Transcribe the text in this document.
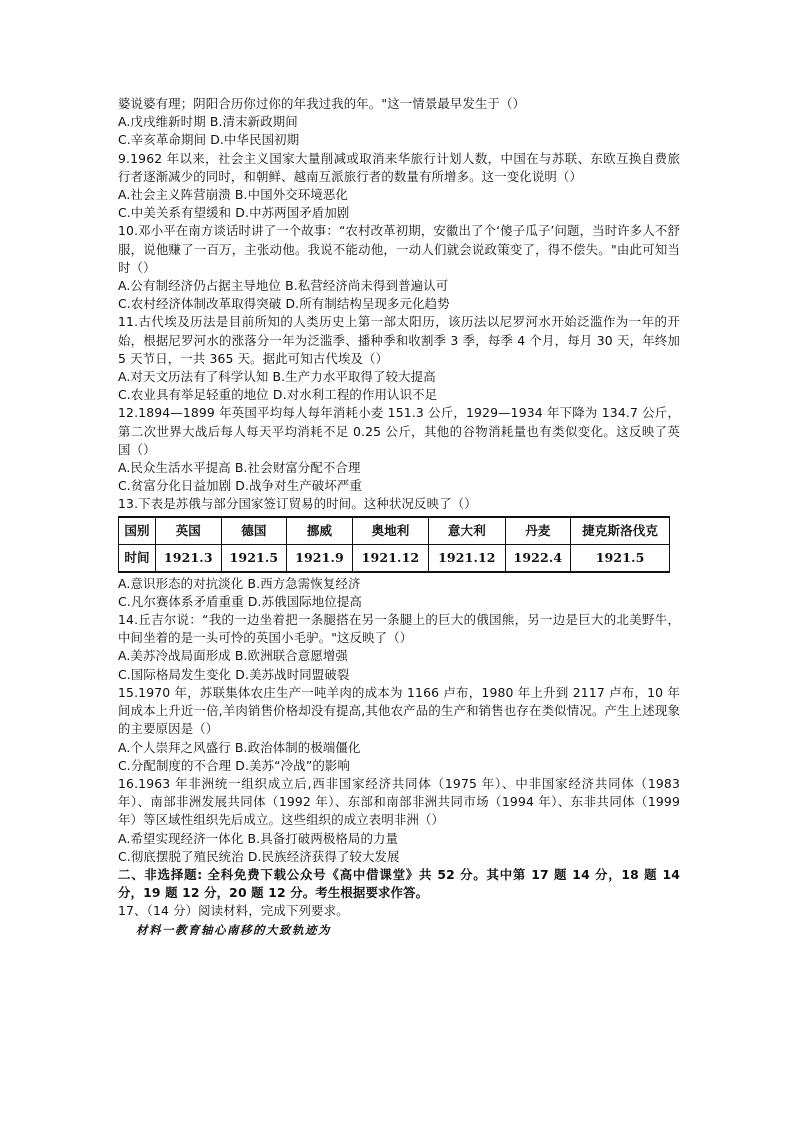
婆说婆有理；阴阳合历你过你的年我过我的年。"这一情景最早发生于（）
A.戊戌维新时期 B.清末新政期间
C.辛亥革命期间 D.中华民国初期
9.1962 年以来，社会主义国家大量削减或取消来华旅行计划人数，中国在与苏联、东欧互换自费旅行者逐渐减少的同时，和朝鲜、越南互派旅行者的数量有所增多。这一变化说明（）
A.社会主义阵营崩溃 B.中国外交环境恶化
C.中美关系有望缓和 D.中苏两国矛盾加剧
10.邓小平在南方谈话时讲了一个故事：“农村改革初期，安徽出了个‘傻子瓜子’问题，当时许多人不舒服，说他赚了一百万，主张动他。我说不能动他，一动人们就会说政策变了，得不偿失。"由此可知当时（）
A.公有制经济仍占据主导地位 B.私营经济尚未得到普遍认可
C.农村经济体制改革取得突破 D.所有制结构呈现多元化趋势
11.古代埃及历法是目前所知的人类历史上第一部太阳历，该历法以尼罗河水开始泛滥作为一年的开始，根据尼罗河水的涨落分一年为泛滥季、播种季和收割季 3 季，每季 4 个月，每月 30 天，年终加 5 天节日，一共 365 天。据此可知古代埃及（）
A.对天文历法有了科学认知 B.生产力水平取得了较大提高
C.农业具有举足轻重的地位 D.对水利工程的作用认识不足
12.1894—1899 年英国平均每人每年消耗小麦 151.3 公斤，1929—1934 年下降为 134.7 公斤，第二次世界大战后每人每天平均消耗不足 0.25 公斤，其他的谷物消耗量也有类似变化。这反映了英国（）
A.民众生活水平提高 B.社会财富分配不合理
C.贫富分化日益加剧 D.战争对生产破坏严重
13.下表是苏俄与部分国家签订贸易的时间。这种状况反映了（）
国别	英国	德国	挪威	奥地利	意大利	丹麦	捷克斯洛伐克
时间	1921.3	1921.5	1921.9	1921.12	1921.12	1922.4	1921.5
A.意识形态的对抗淡化 B.西方急需恢复经济
C.凡尔赛体系矛盾重重 D.苏俄国际地位提高
14.丘吉尔说：“我的一边坐着把一条腿搭在另一条腿上的巨大的俄国熊，另一边是巨大的北美野牛，中间坐着的是一头可怜的英国小毛驴。"这反映了（）
A.美苏冷战局面形成 B.欧洲联合意愿增强
C.国际格局发生变化 D.美苏战时同盟破裂
15.1970 年，苏联集体农庄生产一吨羊肉的成本为 1166 卢布，1980 年上升到 2117 卢布，10 年间成本上升近一倍,羊肉销售价格却没有提高,其他农产品的生产和销售也存在类似情况。产生上述现象的主要原因是（）
A.个人崇拜之风盛行 B.政治体制的极端僵化
C.分配制度的不合理 D.美苏“冷战”的影响
16.1963 年非洲统一组织成立后,西非国家经济共同体（1975 年）、中非国家经济共同体（1983 年）、南部非洲发展共同体（1992 年）、东部和南部非洲共同市场（1994 年）、东非共同体（1999 年）等区域性组织先后成立。这些组织的成立表明非洲（）
A.希望实现经济一体化 B.具备打破两极格局的力量
C.彻底摆脱了殖民统治 D.民族经济获得了较大发展
二、非选择题: 全科免费下载公众号《高中借课堂》共 52 分。其中第 17 题 14 分，18 题 14 分，19 题 12 分，20 题 12 分。考生根据要求作答。
17、（14 分）阅读材料，完成下列要求。
材料一教育轴心南移的大致轨迹为
